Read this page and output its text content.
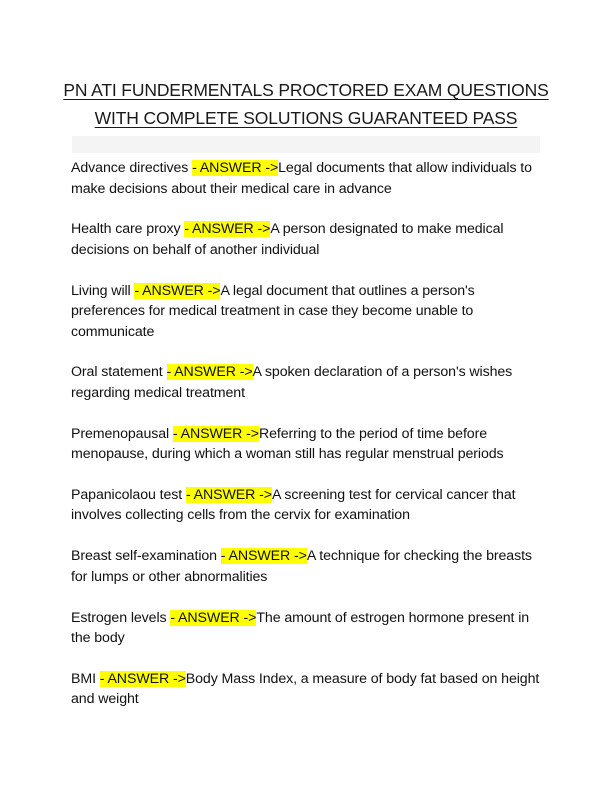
PN ATI FUNDERMENTALS PROCTORED EXAM QUESTIONS
WITH COMPLETE SOLUTIONS GUARANTEED PASS

Advance directives - ANSWER ->Legal documents that allow individuals to make decisions about their medical care in advance

Health care proxy - ANSWER ->A person designated to make medical decisions on behalf of another individual

Living will - ANSWER ->A legal document that outlines a person's preferences for medical treatment in case they become unable to communicate

Oral statement - ANSWER ->A spoken declaration of a person's wishes regarding medical treatment

Premenopausal - ANSWER ->Referring to the period of time before menopause, during which a woman still has regular menstrual periods

Papanicolaou test - ANSWER ->A screening test for cervical cancer that involves collecting cells from the cervix for examination

Breast self-examination - ANSWER ->A technique for checking the breasts for lumps or other abnormalities

Estrogen levels - ANSWER ->The amount of estrogen hormone present in the body

BMI - ANSWER ->Body Mass Index, a measure of body fat based on height and weight
